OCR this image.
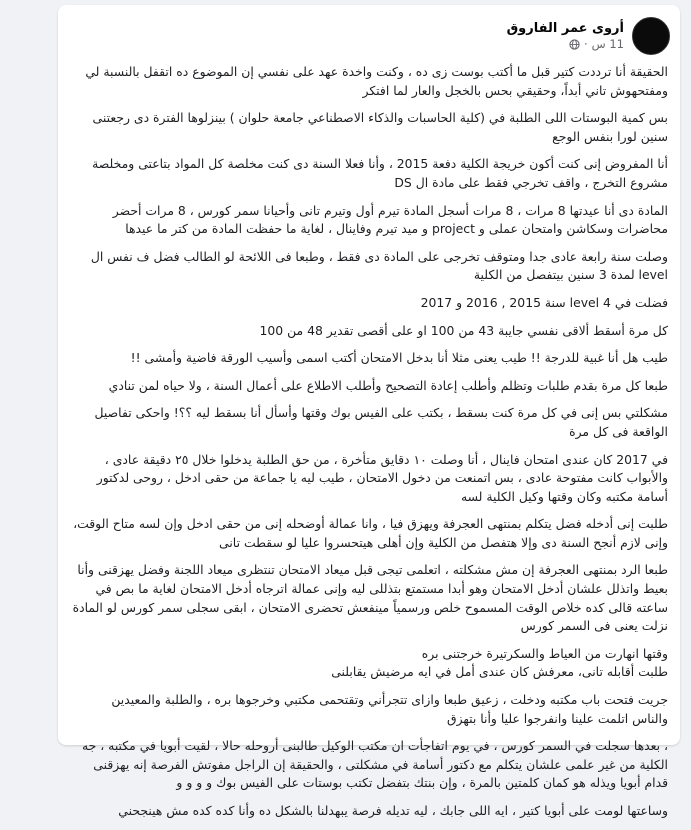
أروى عمر الفاروق
11 س
·

الحقيقة أنا ترددت كتير قبل ما أكتب بوست زى ده ، وكنت واخدة عهد على نفسي إن الموضوع ده اتقفل بالنسبة لي ومفتحهوش تاني أبداً، وحقيقي بحس بالخجل والعار لما افتكر

بس كمية البوستات اللى الطلبة في (كلية الحاسبات والذكاء الاصطناعي جامعة حلوان ) بينزلوها الفترة دى رجعتنى سنين لورا بنفس الوجع

أنا المفروض إنى كنت أكون خريجة الكلية دفعة 2015 ، وأنا فعلا السنة دى كنت مخلصة كل المواد بتاعتى ومخلصة مشروع التخرج ، واقف تخرجي فقط على مادة ال DS

المادة دى أنا عيدتها 8 مرات ، 8 مرات أسجل المادة تيرم أول وتيرم تانى وأحيانا سمر كورس ، 8 مرات أحضر محاضرات وسكاشن وامتحان عملى و project و ميد تيرم وفاينال ، لغاية ما حفظت المادة من كتر ما عيدها

وصلت سنة رابعة عادى جدا ومتوقف تخرجى على المادة دى فقط ، وطبعا فى اللائحة لو الطالب فضل ف نفس ال level لمدة 3 سنين بيتفصل من الكلية

فضلت في level 4 سنة 2015 , 2016 و 2017

كل مرة أسقط ألاقى نفسي جايبة 43 من 100 او على أقصى تقدير 48 من 100

طيب هل أنا غبية للدرجة !! طيب يعنى مثلا أنا بدخل الامتحان أكتب اسمى وأسيب الورقة فاضية وأمشى !!

طبعا كل مرة بقدم طلبات وتظلم وأطلب إعادة التصحيح وأطلب الاطلاع على أعمال السنة ، ولا حياه لمن تنادي

مشكلتي بس إنى في كل مرة كنت بسقط ، بكتب على الفيس بوك وقتها وأسأل أنا بسقط ليه ؟؟! واحكى تفاصيل الواقعة فى كل مرة

في 2017 كان عندى امتحان فاينال ، أنا وصلت ١٠ دقايق متأخرة ، من حق الطلبة يدخلوا خلال ٢٥ دقيقة عادى ، والأبواب كانت مفتوحة عادى ، بس اتمنعت من دخول الامتحان ، طيب ليه يا جماعة من حقى ادخل ، روحى لدكتور أسامة مكتبه وكان وقتها وكيل الكلية لسه

طلبت إنى أدخله فضل يتكلم بمنتهى العجرفة ويهزق فيا ، وانا عمالة أوضحله إنى من حقى ادخل وإن لسه متاح الوقت، وإنى لازم أنجح السنة دى وإلا هتفصل من الكلية وإن أهلى هيتحسروا عليا لو سقطت تانى

طبعا الرد بمنتهى العجرفة إن مش مشكلته ، اتعلمى تيجى قبل ميعاد الامتحان تنتظرى ميعاد اللجنة وفضل يهزقنى وأنا بعيط واتذلل علشان أدخل الامتحان وهو أبدا مستمتع بتذللى ليه وإنى عمالة اترجاه أدخل الامتحان لغاية ما بص في ساعته قالى كده خلاص الوقت المسموح خلص ورسمياً مينفعش تحضرى الامتحان ، ابقى سجلى سمر كورس لو المادة نزلت يعنى فى السمر كورس

وقتها انهارت من العياط والسكرتيرة خرجتنى بره
طلبت أقابله تانى، معرفش كان عندى أمل في ايه مرضيش يقابلنى

جريت فتحت باب مكتبه ودخلت ، زعيق طبعا وازاى تتجرأني وتقتحمى مكتبي وخرجوها بره ، والطلبة والمعيدين والناس اتلمت علينا وانفرجوا عليا وأنا بتهزق

، بعدها سجلت في السمر كورس ، في يوم اتفاجأت ان مكتب الوكيل طالبنى أروحله حالا ، لقيت أبويا في مكتبه ، جه الكلية من غير علمى علشان يتكلم مع دكتور أسامة في مشكلتى ، والحقيقة إن الراجل مفوتش الفرصة إنه يهزقنى قدام أبويا ويذله هو كمان كلمتين بالمرة ، وإن بنتك بتفضل تكتب بوستات على الفيس بوك و و و و

وساعتها لومت على أبويا كتير ، ايه اللى جابك ، ليه تديله فرصة يبهدلنا بالشكل ده وأنا كده كده مش هينجحني
